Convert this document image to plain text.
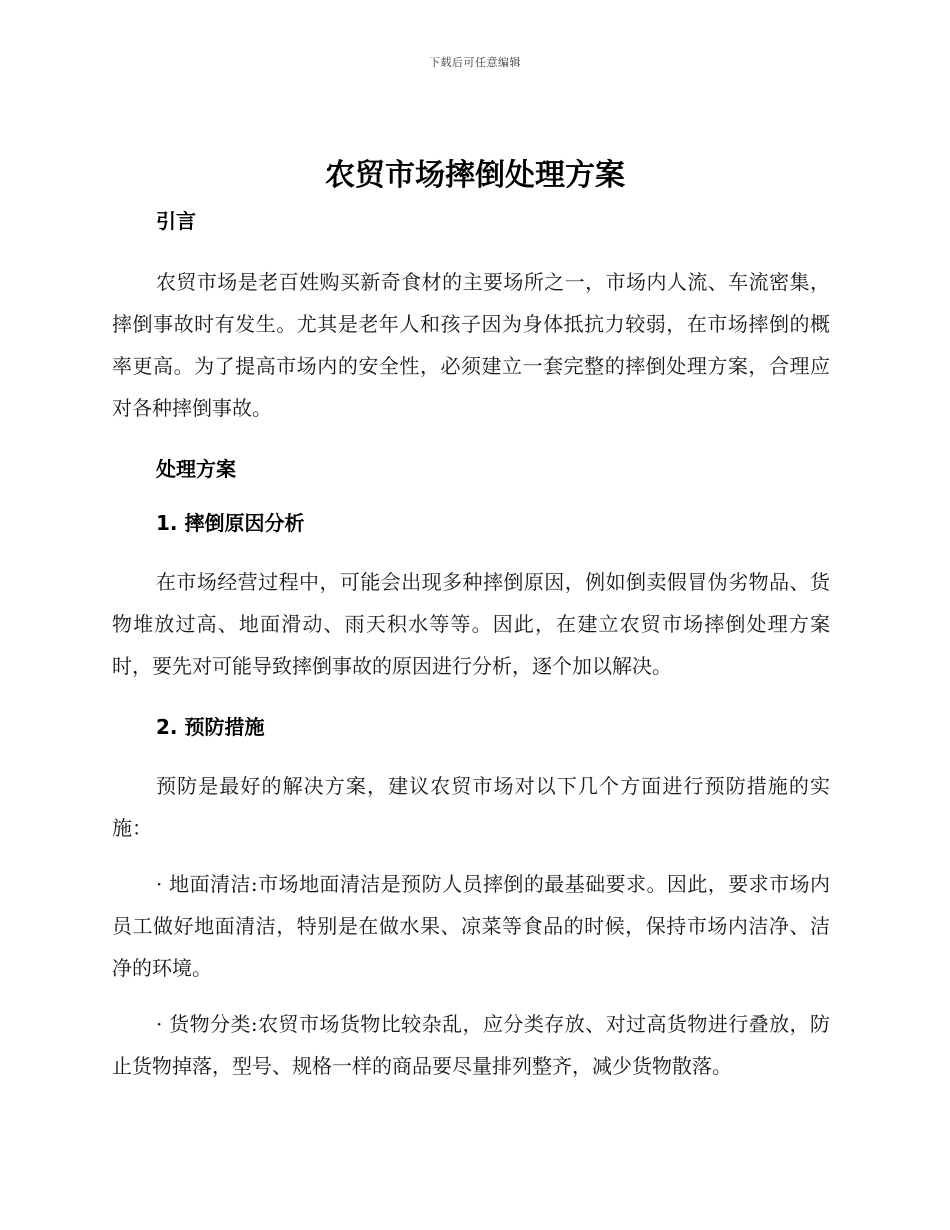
下载后可任意编辑
农贸市场摔倒处理方案
引言

农贸市场是老百姓购买新奇食材的主要场所之一，市场内人流、车流密集，摔倒事故时有发生。尤其是老年人和孩子因为身体抵抗力较弱，在市场摔倒的概率更高。为了提高市场内的安全性，必须建立一套完整的摔倒处理方案，合理应对各种摔倒事故。

处理方案
1. 摔倒原因分析

在市场经营过程中，可能会出现多种摔倒原因，例如倒卖假冒伪劣物品、货物堆放过高、地面滑动、雨天积水等等。因此，在建立农贸市场摔倒处理方案时，要先对可能导致摔倒事故的原因进行分析，逐个加以解决。

2. 预防措施

预防是最好的解决方案，建议农贸市场对以下几个方面进行预防措施的实施：

· 地面清洁:市场地面清洁是预防人员摔倒的最基础要求。因此，要求市场内员工做好地面清洁，特别是在做水果、凉菜等食品的时候，保持市场内洁净、洁净的环境。

· 货物分类:农贸市场货物比较杂乱，应分类存放、对过高货物进行叠放，防止货物掉落，型号、规格一样的商品要尽量排列整齐，减少货物散落。
